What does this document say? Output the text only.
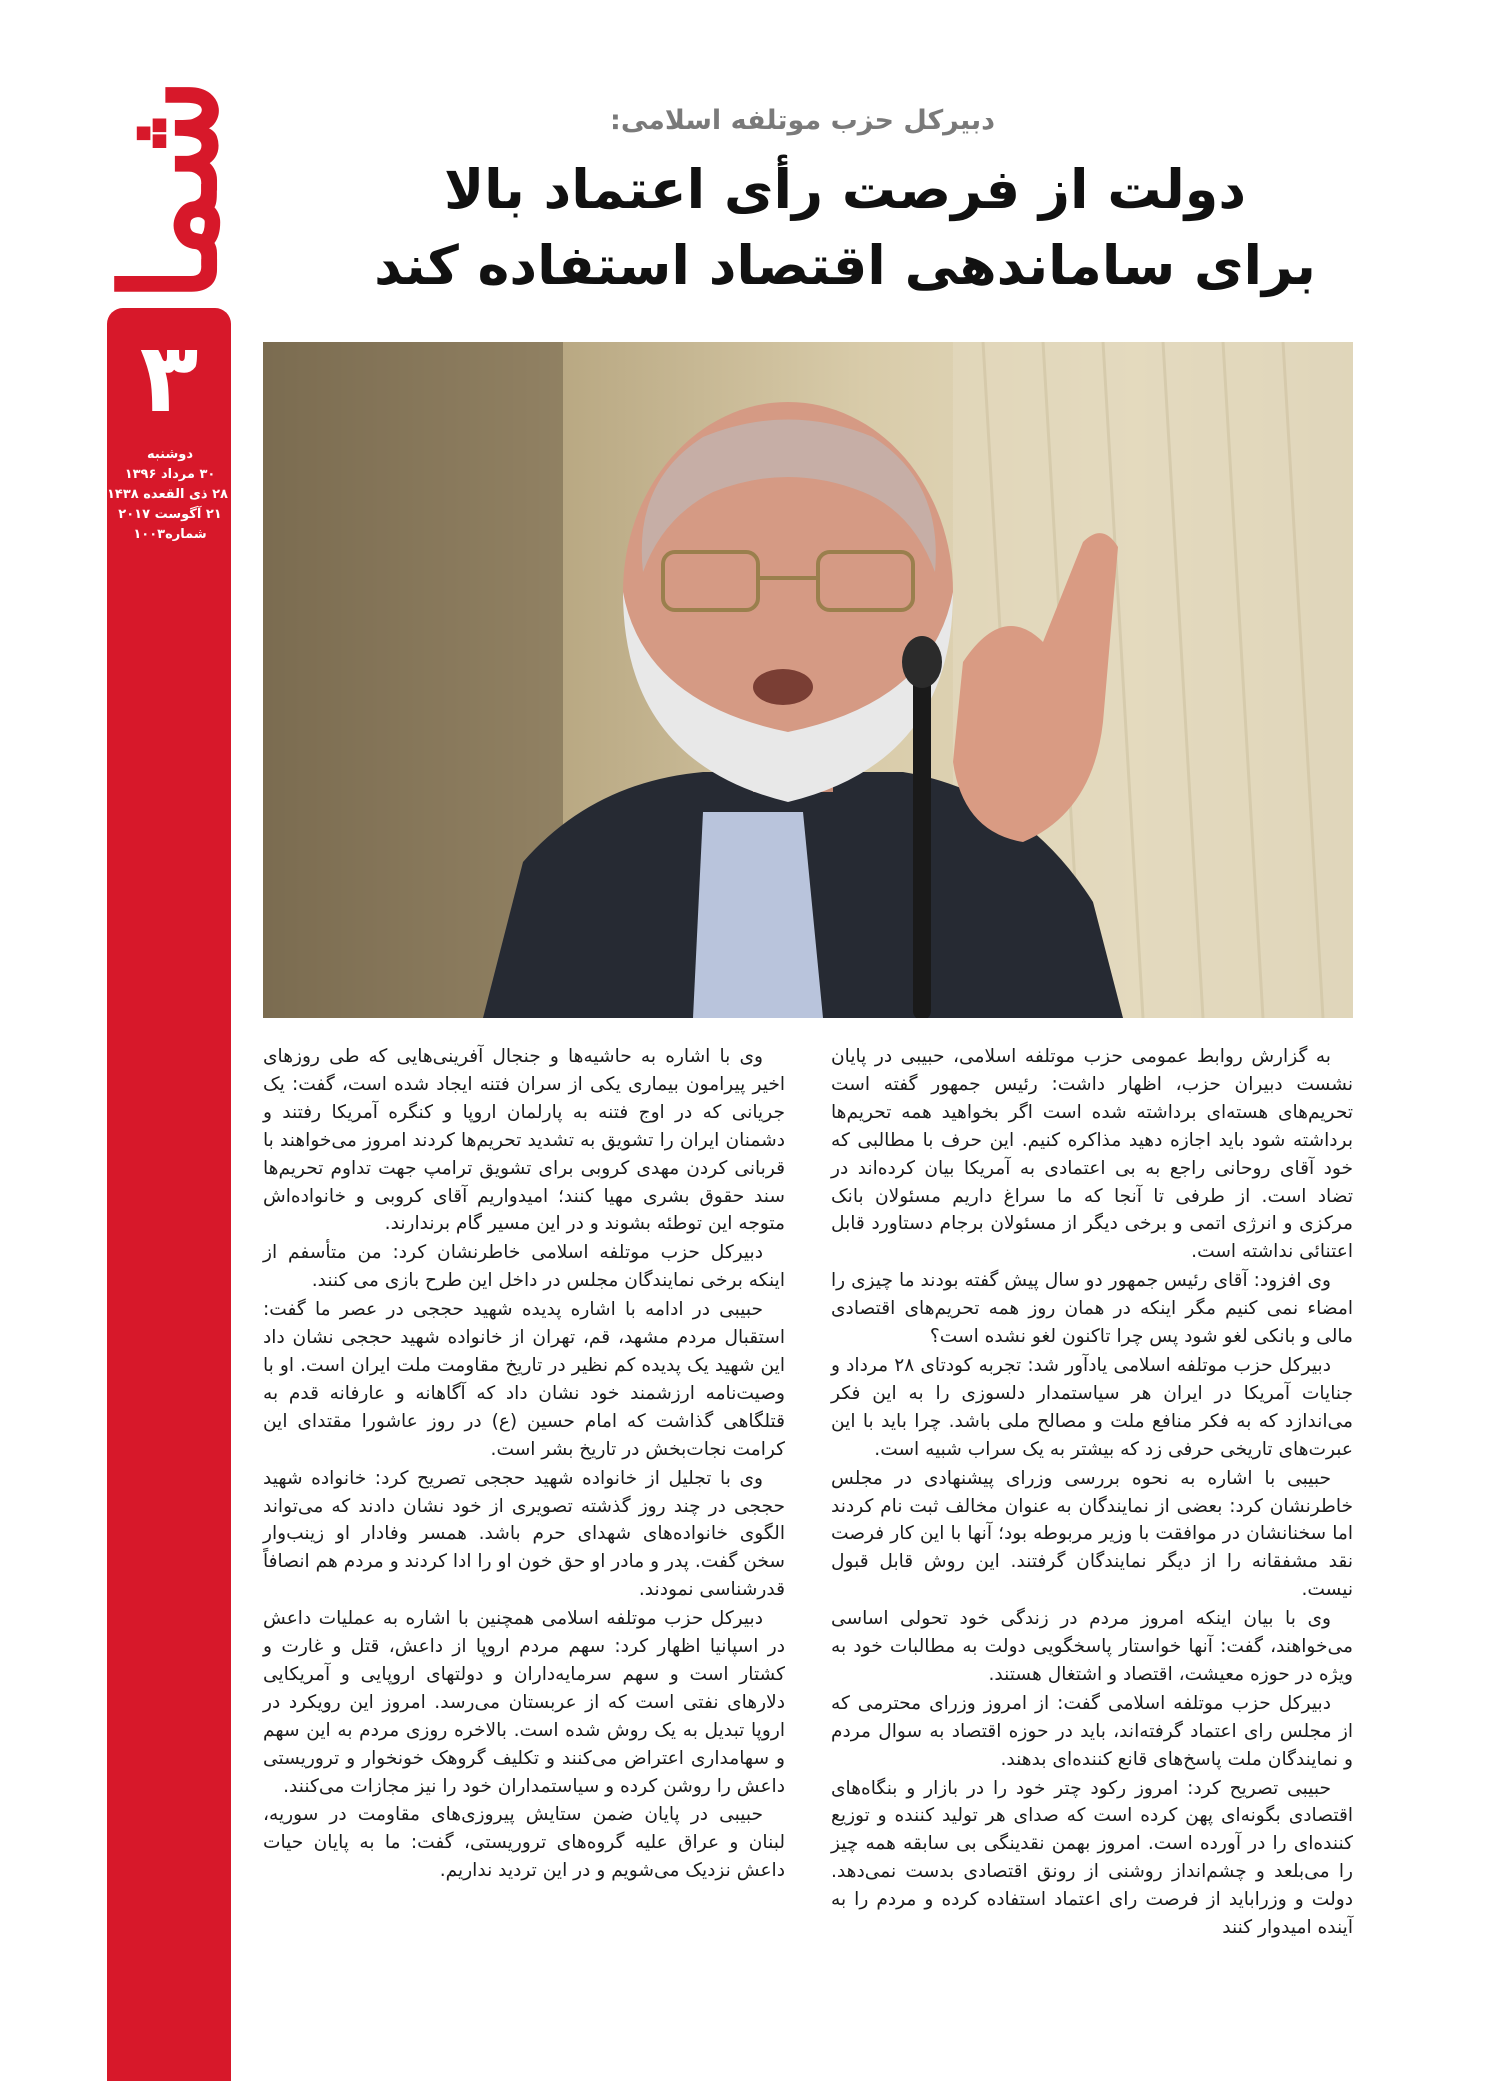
شما
۳
دوشنبه
۳۰ مرداد ۱۳۹۶
۲۸ ذی القعده ۱۴۳۸
۲۱ آگوست ۲۰۱۷
شماره۱۰۰۳
دبیرکل حزب موتلفه اسلامی:
دولت از فرصت رأی اعتماد بالا
برای ساماندهی اقتصاد استفاده کند

به گزارش روابط عمومی حزب موتلفه اسلامی، حبیبی در پایان نشست دبیران حزب، اظهار داشت: رئیس جمهور گفته است تحریم‌های هسته‌ای برداشته شده است اگر بخواهید همه تحریم‌ها برداشته شود باید اجازه دهید مذاکره کنیم. این حرف با مطالبی که خود آقای روحانی راجع به بی اعتمادی به آمریکا بیان کرده‌اند در تضاد است. از طرفی تا آنجا که ما سراغ داریم مسئولان بانک مرکزی و انرژی اتمی و برخی دیگر از مسئولان برجام دستاورد قابل اعتنائی نداشته است.

وی افزود: آقای رئیس جمهور دو سال پیش گفته بودند ما چیزی را امضاء نمی کنیم مگر اینکه در همان روز همه تحریم‌های اقتصادی مالی و بانکی لغو شود پس چرا تاکنون لغو نشده است؟

دبیرکل حزب موتلفه اسلامی یادآور شد: تجربه کودتای ۲۸ مرداد و جنایات آمریکا در ایران هر سیاستمدار دلسوزی را به این فکر می‌اندازد که به فکر منافع ملت و مصالح ملی باشد. چرا باید با این عبرت‌های تاریخی حرفی زد که بیشتر به یک سراب شبیه است.

حبیبی با اشاره به نحوه بررسی وزرای پیشنهادی در مجلس خاطرنشان کرد: بعضی از نمایندگان به عنوان مخالف ثبت نام کردند اما سخنانشان در موافقت با وزیر مربوطه بود؛ آنها با این کار فرصت نقد مشفقانه را از دیگر نمایندگان گرفتند. این روش قابل قبول نیست.

وی با بیان اینکه امروز مردم در زندگی خود تحولی اساسی می‌خواهند، گفت: آنها خواستار پاسخگویی دولت به مطالبات خود به ویژه در حوزه معیشت، اقتصاد و اشتغال هستند.

دبیرکل حزب موتلفه اسلامی گفت: از امروز وزرای محترمی که از مجلس رای اعتماد گرفته‌اند، باید در حوزه اقتصاد به سوال مردم و نمایندگان ملت پاسخ‌های قانع کننده‌ای بدهند.

حبیبی تصریح کرد: امروز رکود چتر خود را در بازار و بنگاه‌های اقتصادی بگونه‌ای پهن کرده است که صدای هر تولید کننده و توزیع کننده‌ای را در آورده است. امروز بهمن نقدینگی بی سابقه همه چیز را می‌بلعد و چشم‌انداز روشنی از رونق اقتصادی بدست نمی‌دهد. دولت و وزرابايد از فرصت رای اعتماد استفاده کرده و مردم را به آینده امیدوار کنند

وی با اشاره به حاشیه‌ها و جنجال آفرینی‌هایی که طی روزهای اخیر پیرامون بیماری یکی از سران فتنه ایجاد شده است، گفت: یک جریانی که در اوج فتنه به پارلمان اروپا و کنگره آمریکا رفتند و دشمنان ایران را تشویق به تشدید تحریم‌ها کردند امروز می‌خواهند با قربانی کردن مهدی کروبی برای تشویق ترامپ جهت تداوم تحریم‌ها سند حقوق بشری مهیا کنند؛ امیدواریم آقای کروبی و خانواده‌اش متوجه این توطئه بشوند و در این مسیر گام برندارند.

دبیرکل حزب موتلفه اسلامی خاطرنشان کرد: من متأسفم از اینکه برخی نمایندگان مجلس در داخل این طرح بازی می کنند.

حبیبی در ادامه با اشاره پدیده شهید حججی در عصر ما گفت: استقبال مردم مشهد، قم، تهران از خانواده شهید حججی نشان داد این شهید یک پدیده کم نظیر در تاریخ مقاومت ملت ایران است. او با وصیت‌نامه ارزشمند خود نشان داد که آگاهانه و عارفانه قدم به قتلگاهی گذاشت که امام حسین (ع) در روز عاشورا مقتدای این کرامت نجات‌بخش در تاریخ بشر است.

وی با تجلیل از خانواده شهید حججی تصریح کرد: خانواده شهید حججی در چند روز گذشته تصویری از خود نشان دادند که می‌تواند الگوی خانواده‌های شهدای حرم باشد. همسر وفادار او زینب‌وار سخن گفت. پدر و مادر او حق خون او را ادا کردند و مردم هم انصافاً قدرشناسی نمودند.

دبیرکل حزب موتلفه اسلامی همچنین با اشاره به عملیات داعش در اسپانیا اظهار کرد: سهم مردم اروپا از داعش، قتل و غارت و کشتار است و سهم سرمایه‌داران و دولتهای اروپایی و آمریکایی دلارهای نفتی است که از عربستان می‌رسد. امروز این رویکرد در اروپا تبدیل به یک روش شده است. بالاخره روزی مردم به این سهم و سهامداری اعتراض می‌کنند و تکلیف گروهک خونخوار و تروریستی داعش را روشن کرده و سیاستمداران خود را نیز مجازات می‌کنند.

حبیبی در پایان ضمن ستایش پیروزی‌های مقاومت در سوریه، لبنان و عراق علیه گروه‌های تروریستی، گفت: ما به پایان حیات داعش نزدیک می‌شویم و در این تردید نداریم.
